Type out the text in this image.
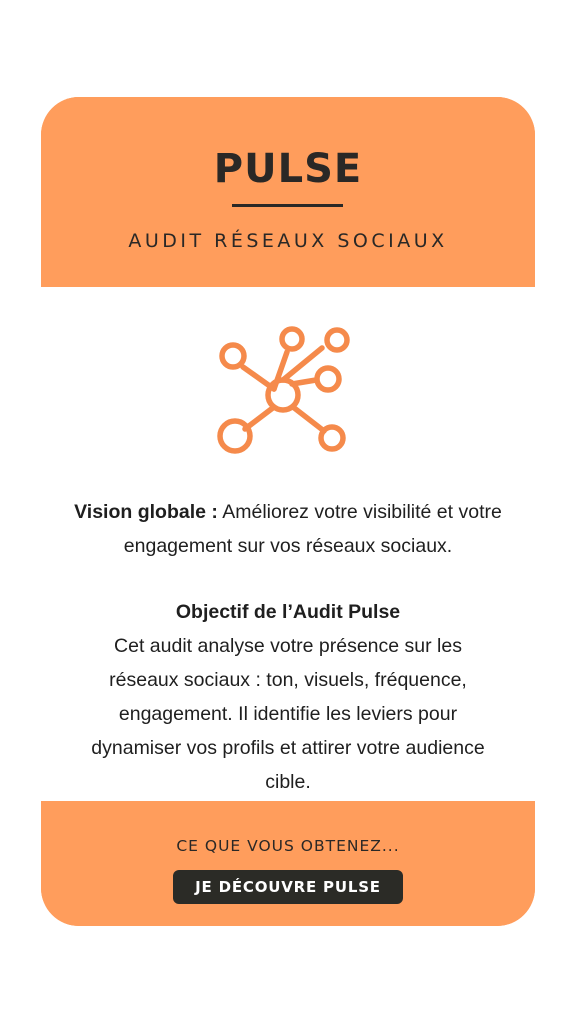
PULSE
AUDIT RÉSEAUX SOCIAUX

Vision globale : Améliorez votre visibilité et votre engagement sur vos réseaux sociaux.

Objectif de l’Audit Pulse

Cet audit analyse votre présence sur les réseaux sociaux : ton, visuels, fréquence, engagement. Il identifie les leviers pour dynamiser vos profils et attirer votre audience cible.

CE QUE VOUS OBTENEZ...
JE DÉCOUVRE PULSE
